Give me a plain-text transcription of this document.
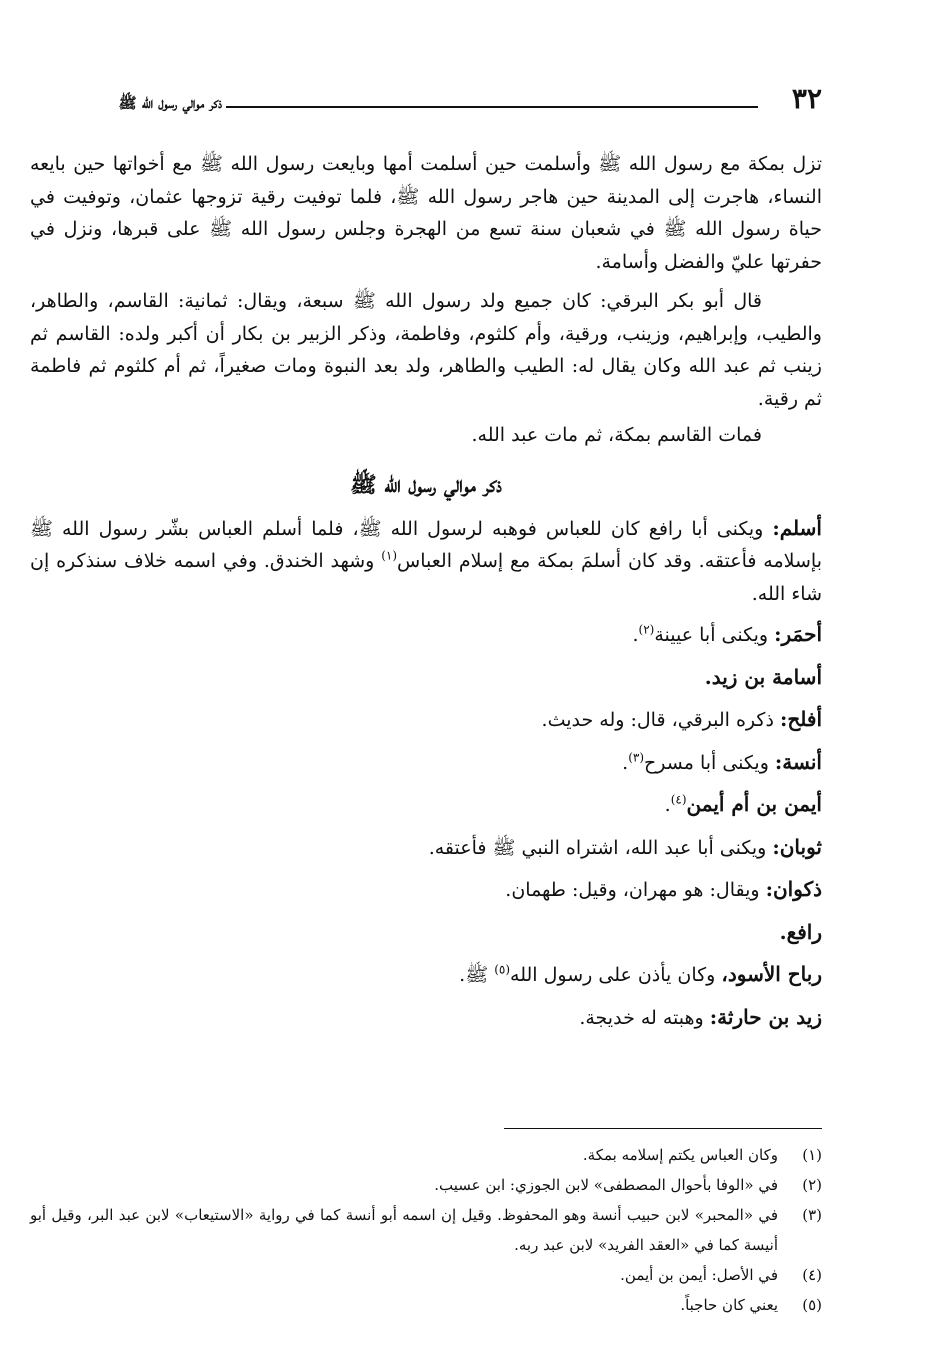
٣٢
ذكر موالي رسول الله ﷺ

تزل بمكة مع رسول الله ﷺ وأسلمت حين أسلمت أمها وبايعت رسول الله ﷺ مع أخواتها حين بايعه النساء، هاجرت إلى المدينة حين هاجر رسول الله ﷺ، فلما توفيت رقية تزوجها عثمان، وتوفيت في حياة رسول الله ﷺ في شعبان سنة تسع من الهجرة وجلس رسول الله ﷺ على قبرها، ونزل في حفرتها عليّ والفضل وأسامة.

قال أبو بكر البرقي: كان جميع ولد رسول الله ﷺ سبعة، ويقال: ثمانية: القاسم، والطاهر، والطيب، وإبراهيم، وزينب، ورقية، وأم كلثوم، وفاطمة، وذكر الزبير بن بكار أن أكبر ولده: القاسم ثم زينب ثم عبد الله وكان يقال له: الطيب والطاهر، ولد بعد النبوة ومات صغيراً، ثم أم كلثوم ثم فاطمة ثم رقية.

فمات القاسم بمكة، ثم مات عبد الله.

ذكر موالي رسول الله ﷺ

أسلم: ويكنى أبا رافع كان للعباس فوهبه لرسول الله ﷺ، فلما أسلم العباس بشّر رسول الله ﷺ بإسلامه فأعتقه. وقد كان أسلمَ بمكة مع إسلام العباس$^{(١)}$ وشهد الخندق. وفي اسمه خلاف سنذكره إن شاء الله.

أحمَر: ويكنى أبا عيينة$^{(٢)}$.

أسامة بن زيد.

أفلح: ذكره البرقي، قال: وله حديث.

أنسة: ويكنى أبا مسرح$^{(٣)}$.

أيمن بن أم أيمن$^{(٤)}$.

ثوبان: ويكنى أبا عبد الله، اشتراه النبي ﷺ فأعتقه.

ذكوان: ويقال: هو مهران، وقيل: طهمان.

رافع.

رباح الأسود، وكان يأذن على رسول الله$^{(٥)}$ ﷺ.

زيد بن حارثة: وهبته له خديجة.

(١)
وكان العباس يكتم إسلامه بمكة.

(٢)
في «الوفا بأحوال المصطفى» لابن الجوزي: ابن عسيب.

(٣)
في «المحبر» لابن حبيب أنسة وهو المحفوظ. وقيل إن اسمه أبو أنسة كما في رواية «الاستيعاب» لابن عبد البر، وقيل أبو أنيسة كما في «العقد الفريد» لابن عبد ربه.

(٤)
في الأصل: أيمن بن أيمن.

(٥)
يعني كان حاجباً.
